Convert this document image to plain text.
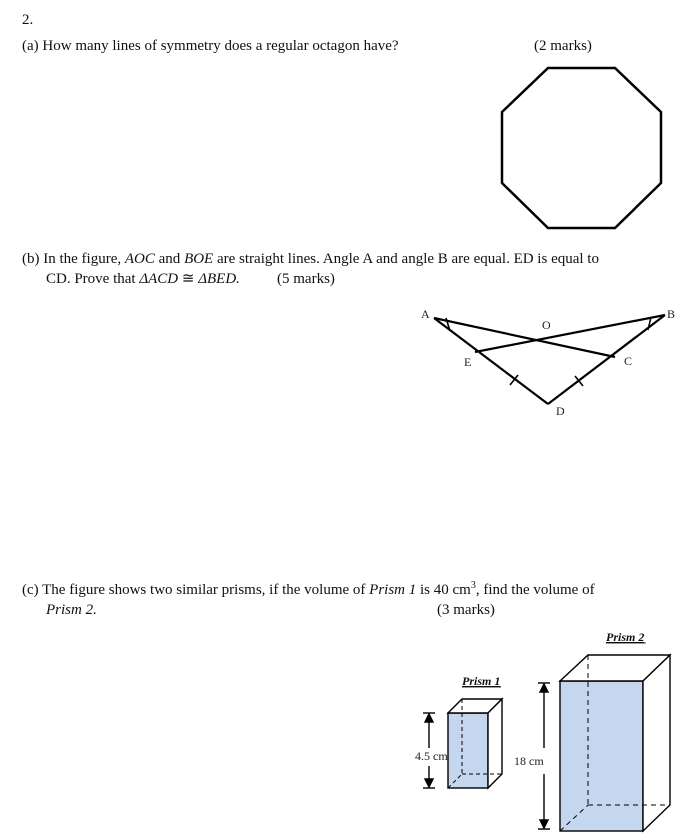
2.
(a) How many lines of symmetry does a regular octagon have?	(2 marks)
(b) In the figure, AOC and BOE are straight lines. Angle A and angle B are equal. ED is equal to
CD. Prove that ΔACD ≅ ΔBED. (5 marks)
(c) The figure shows two similar prisms, if the volume of Prism 1 is 40 $cm^3$, find the volume of
Prism 2.	(3 marks)
A	B
O
E	C
D
Prism 1
4.5 cm
Prism 2
18 cm
